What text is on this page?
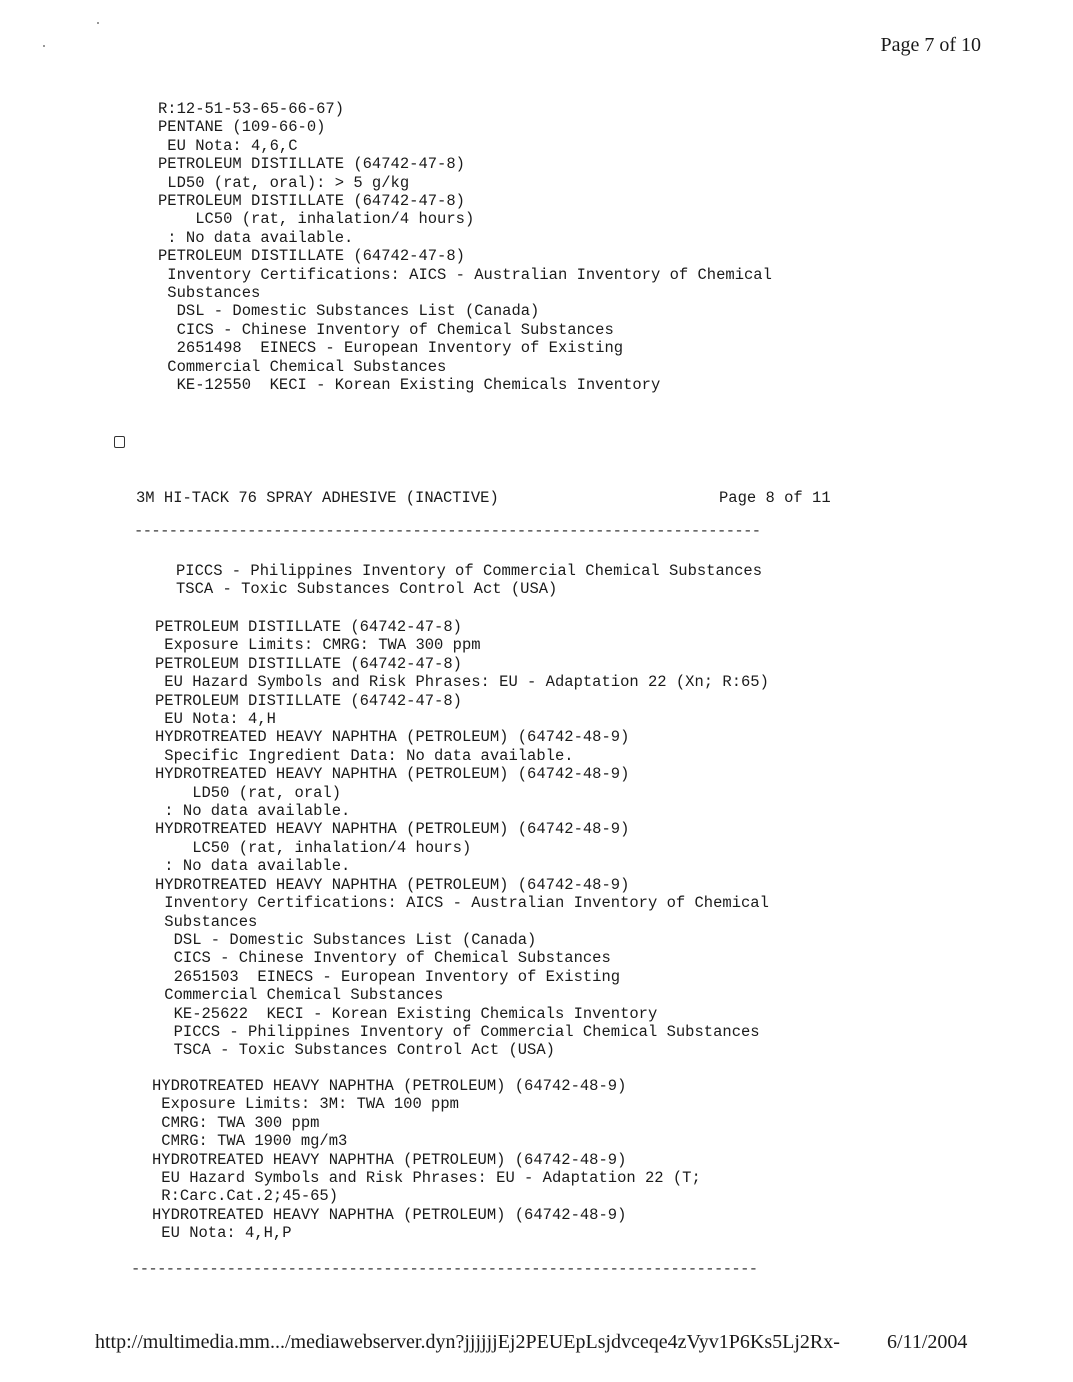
Page 7 of 10
R:12-51-53-65-66-67)
PENTANE (109-66-0)
EU Nota: 4,6,C
PETROLEUM DISTILLATE (64742-47-8)
LD50 (rat, oral): > 5 g/kg
PETROLEUM DISTILLATE (64742-47-8)
LC50 (rat, inhalation/4 hours)
: No data available.
PETROLEUM DISTILLATE (64742-47-8)
Inventory Certifications: AICS - Australian Inventory of Chemical
Substances
DSL - Domestic Substances List (Canada)
CICS - Chinese Inventory of Chemical Substances
2651498  EINECS - European Inventory of Existing
Commercial Chemical Substances
KE-12550  KECI - Korean Existing Chemicals Inventory
3M HI-TACK 76 SPRAY ADHESIVE (INACTIVE)	Page 8 of 11
------------------------------------------------------------------------
PICCS - Philippines Inventory of Commercial Chemical Substances
TSCA - Toxic Substances Control Act (USA)
PETROLEUM DISTILLATE (64742-47-8)
Exposure Limits: CMRG: TWA 300 ppm
PETROLEUM DISTILLATE (64742-47-8)
EU Hazard Symbols and Risk Phrases: EU - Adaptation 22 (Xn; R:65)
PETROLEUM DISTILLATE (64742-47-8)
EU Nota: 4,H
HYDROTREATED HEAVY NAPHTHA (PETROLEUM) (64742-48-9)
Specific Ingredient Data: No data available.
HYDROTREATED HEAVY NAPHTHA (PETROLEUM) (64742-48-9)
LD50 (rat, oral)
: No data available.
HYDROTREATED HEAVY NAPHTHA (PETROLEUM) (64742-48-9)
LC50 (rat, inhalation/4 hours)
: No data available.
HYDROTREATED HEAVY NAPHTHA (PETROLEUM) (64742-48-9)
Inventory Certifications: AICS - Australian Inventory of Chemical
Substances
DSL - Domestic Substances List (Canada)
CICS - Chinese Inventory of Chemical Substances
2651503  EINECS - European Inventory of Existing
Commercial Chemical Substances
KE-25622  KECI - Korean Existing Chemicals Inventory
PICCS - Philippines Inventory of Commercial Chemical Substances
TSCA - Toxic Substances Control Act (USA)
HYDROTREATED HEAVY NAPHTHA (PETROLEUM) (64742-48-9)
Exposure Limits: 3M: TWA 100 ppm
CMRG: TWA 300 ppm
CMRG: TWA 1900 mg/m3
HYDROTREATED HEAVY NAPHTHA (PETROLEUM) (64742-48-9)
EU Hazard Symbols and Risk Phrases: EU - Adaptation 22 (T;
R:Carc.Cat.2;45-65)
HYDROTREATED HEAVY NAPHTHA (PETROLEUM) (64742-48-9)
EU Nota: 4,H,P
------------------------------------------------------------------------
http://multimedia.mm.../mediawebserver.dyn?jjjjjjEj2PEUEpLsjdvceqe4zVyv1P6Ks5Lj2Rx- 6/11/2004
